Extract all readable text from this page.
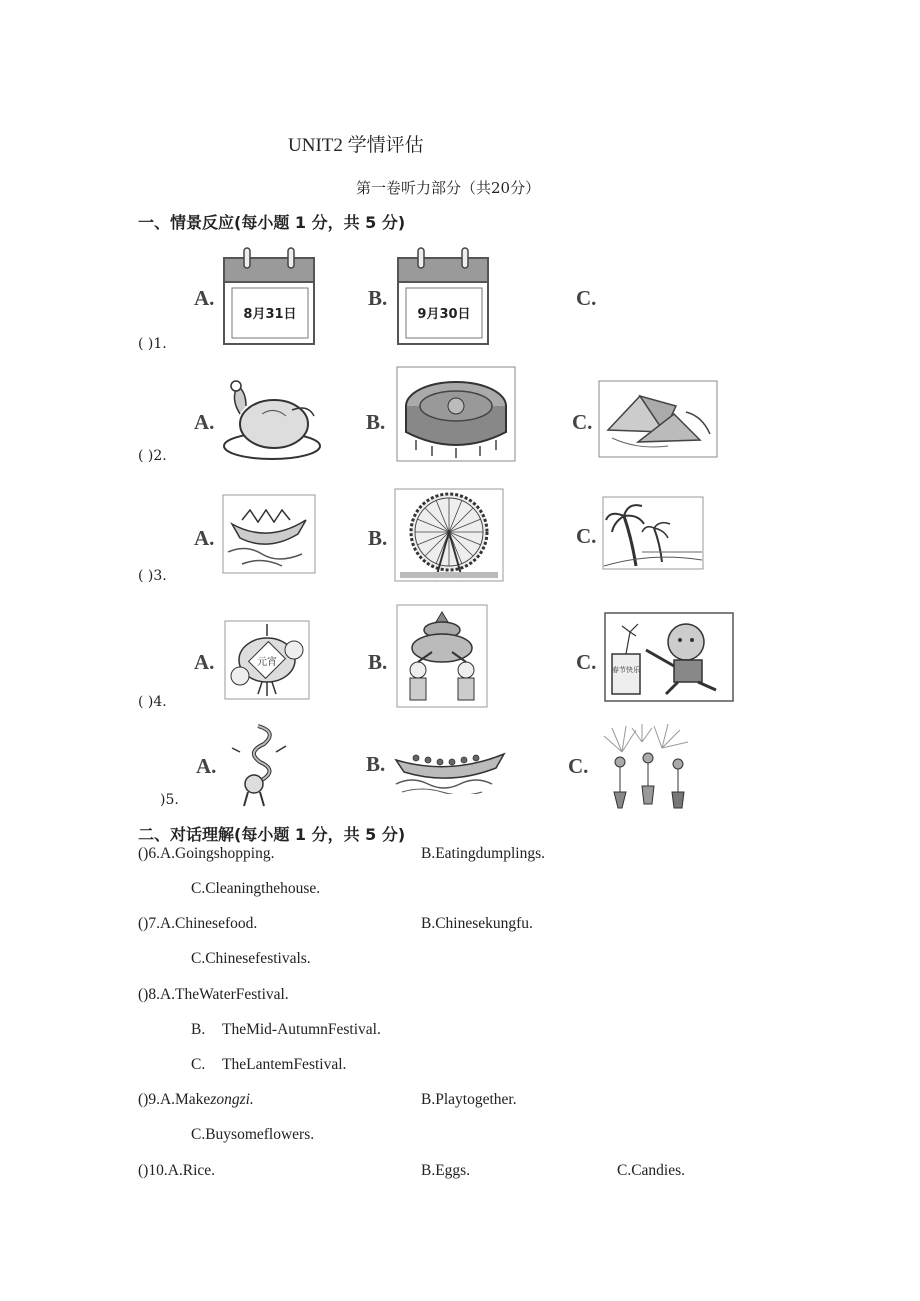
UNIT2 学情评估
第一卷听力部分（共20分）
一、情景反应(每小题 1 分，共 5 分)
A.
8月31日
B.
9月30日
C.
( )1.
A.	B.	C.
( )2.
A.	B.	C.
( )3.
A.	元宵	B.	C. 春节快乐
( )4.
A.	B.	C.
)5.
二、对话理解(每小题 1 分，共 5 分)
()6.A.Goingshopping.	B.Eatingdumplings.
C.Cleaningthehouse.
()7.A.Chinesefood.	B.Chinesekungfu.
C.Chinesefestivals.
()8.A.TheWaterFestival.
B. TheMid-AutumnFestival.
C. TheLantemFestival.
()9.A.Makezongzi.	B.Playtogether.
C.Buysomeflowers.
()10.A.Rice.	B.Eggs.	C.Candies.
